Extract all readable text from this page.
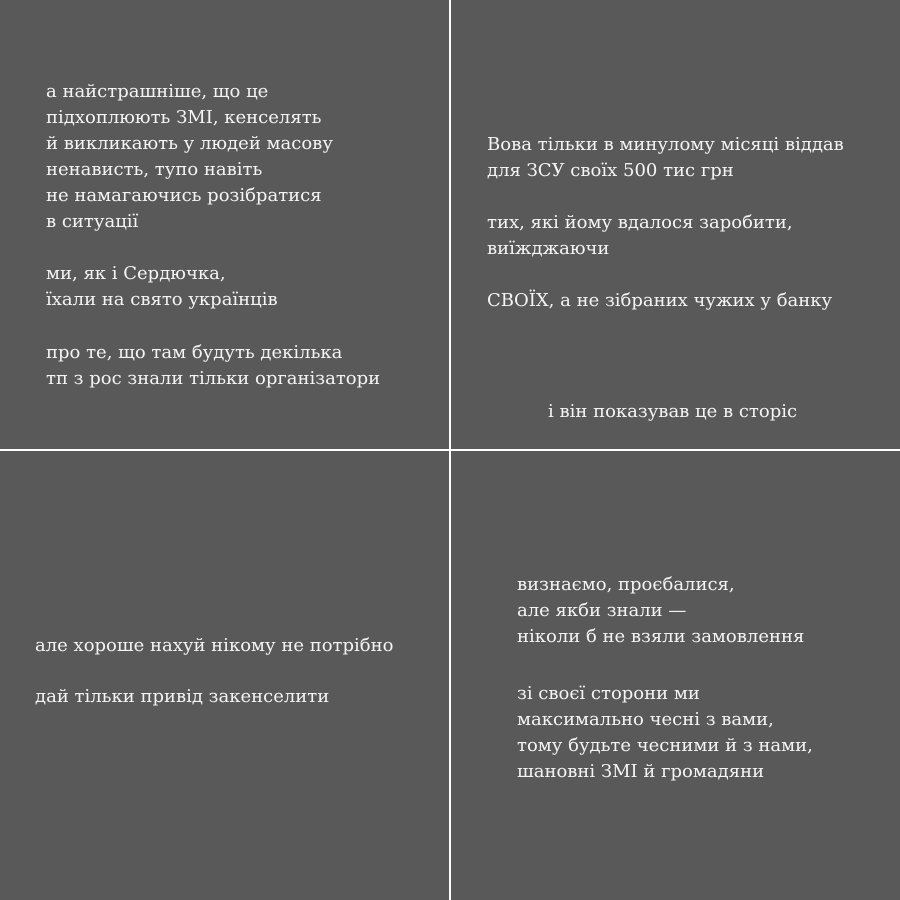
а найстрашніше, що це
підхоплюють ЗМІ, кенселять
й викликають у людей масову
ненависть, тупо навіть
не намагаючись розібратися
в ситуації
ми, як і Сердючка,
їхали на свято українців
про те, що там будуть декілька
тп з рос знали тільки організатори
Вова тільки в минулому місяці віддав
для ЗСУ своїх 500 тис грн
тих, які йому вдалося заробити,
виїжджаючи
СВОЇХ, а не зібраних чужих у банку
і він показував це в сторіс
але хороше нахуй нікому не потрібно
дай тільки привід закенселити
визнаємо, проєбалися,
але якби знали —
ніколи б не взяли замовлення
зі своєї сторони ми
максимально чесні з вами,
тому будьте чесними й з нами,
шановні ЗМІ й громадяни
